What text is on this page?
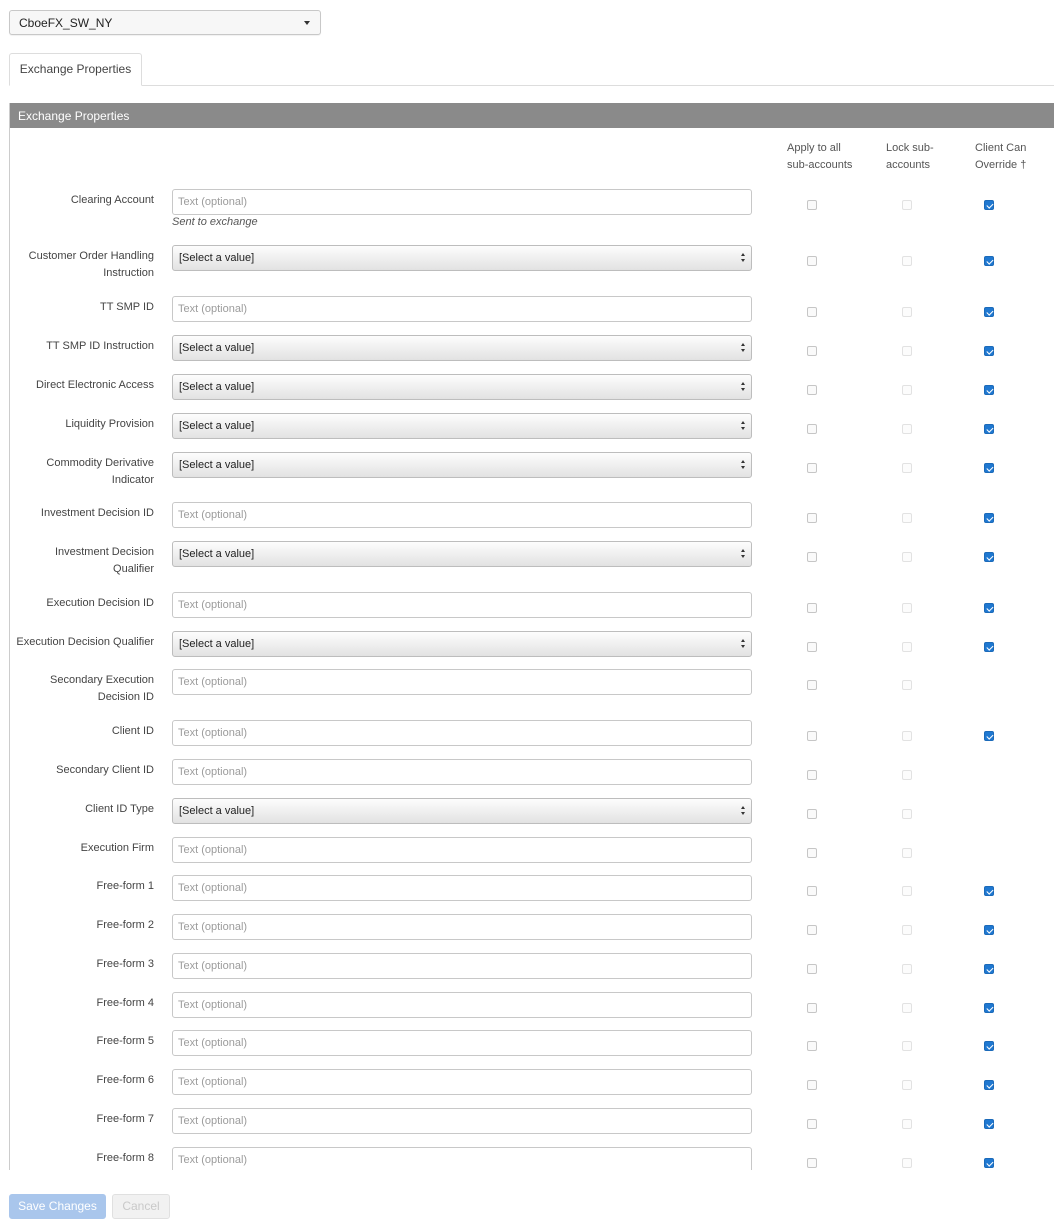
CboeFX_SW_NY
Exchange Properties
Exchange Properties
Apply to all
sub-accounts
Lock sub-
accounts
Client Can
Override †
Clearing Account
Text (optional)
Sent to exchange
Customer Order Handling
Instruction
[Select a value]
TT SMP ID
Text (optional)
TT SMP ID Instruction [Select a value]
Direct Electronic Access [Select a value]
Liquidity Provision [Select a value]
Commodity Derivative
Indicator
[Select a value]
Investment Decision ID
Text (optional)
Investment Decision
Qualifier
[Select a value]
Execution Decision ID
Text (optional)
Execution Decision Qualifier [Select a value]
Secondary Execution
Decision ID
Text (optional)
Client ID
Text (optional)
Secondary Client ID
Text (optional)
Client ID Type [Select a value]
Execution Firm
Text (optional)
Free-form 1
Text (optional)
Free-form 2
Text (optional)
Free-form 3
Text (optional)
Free-form 4
Text (optional)
Free-form 5
Text (optional)
Free-form 6
Text (optional)
Free-form 7
Text (optional)
Free-form 8
Text (optional)
Save Changes	Cancel
